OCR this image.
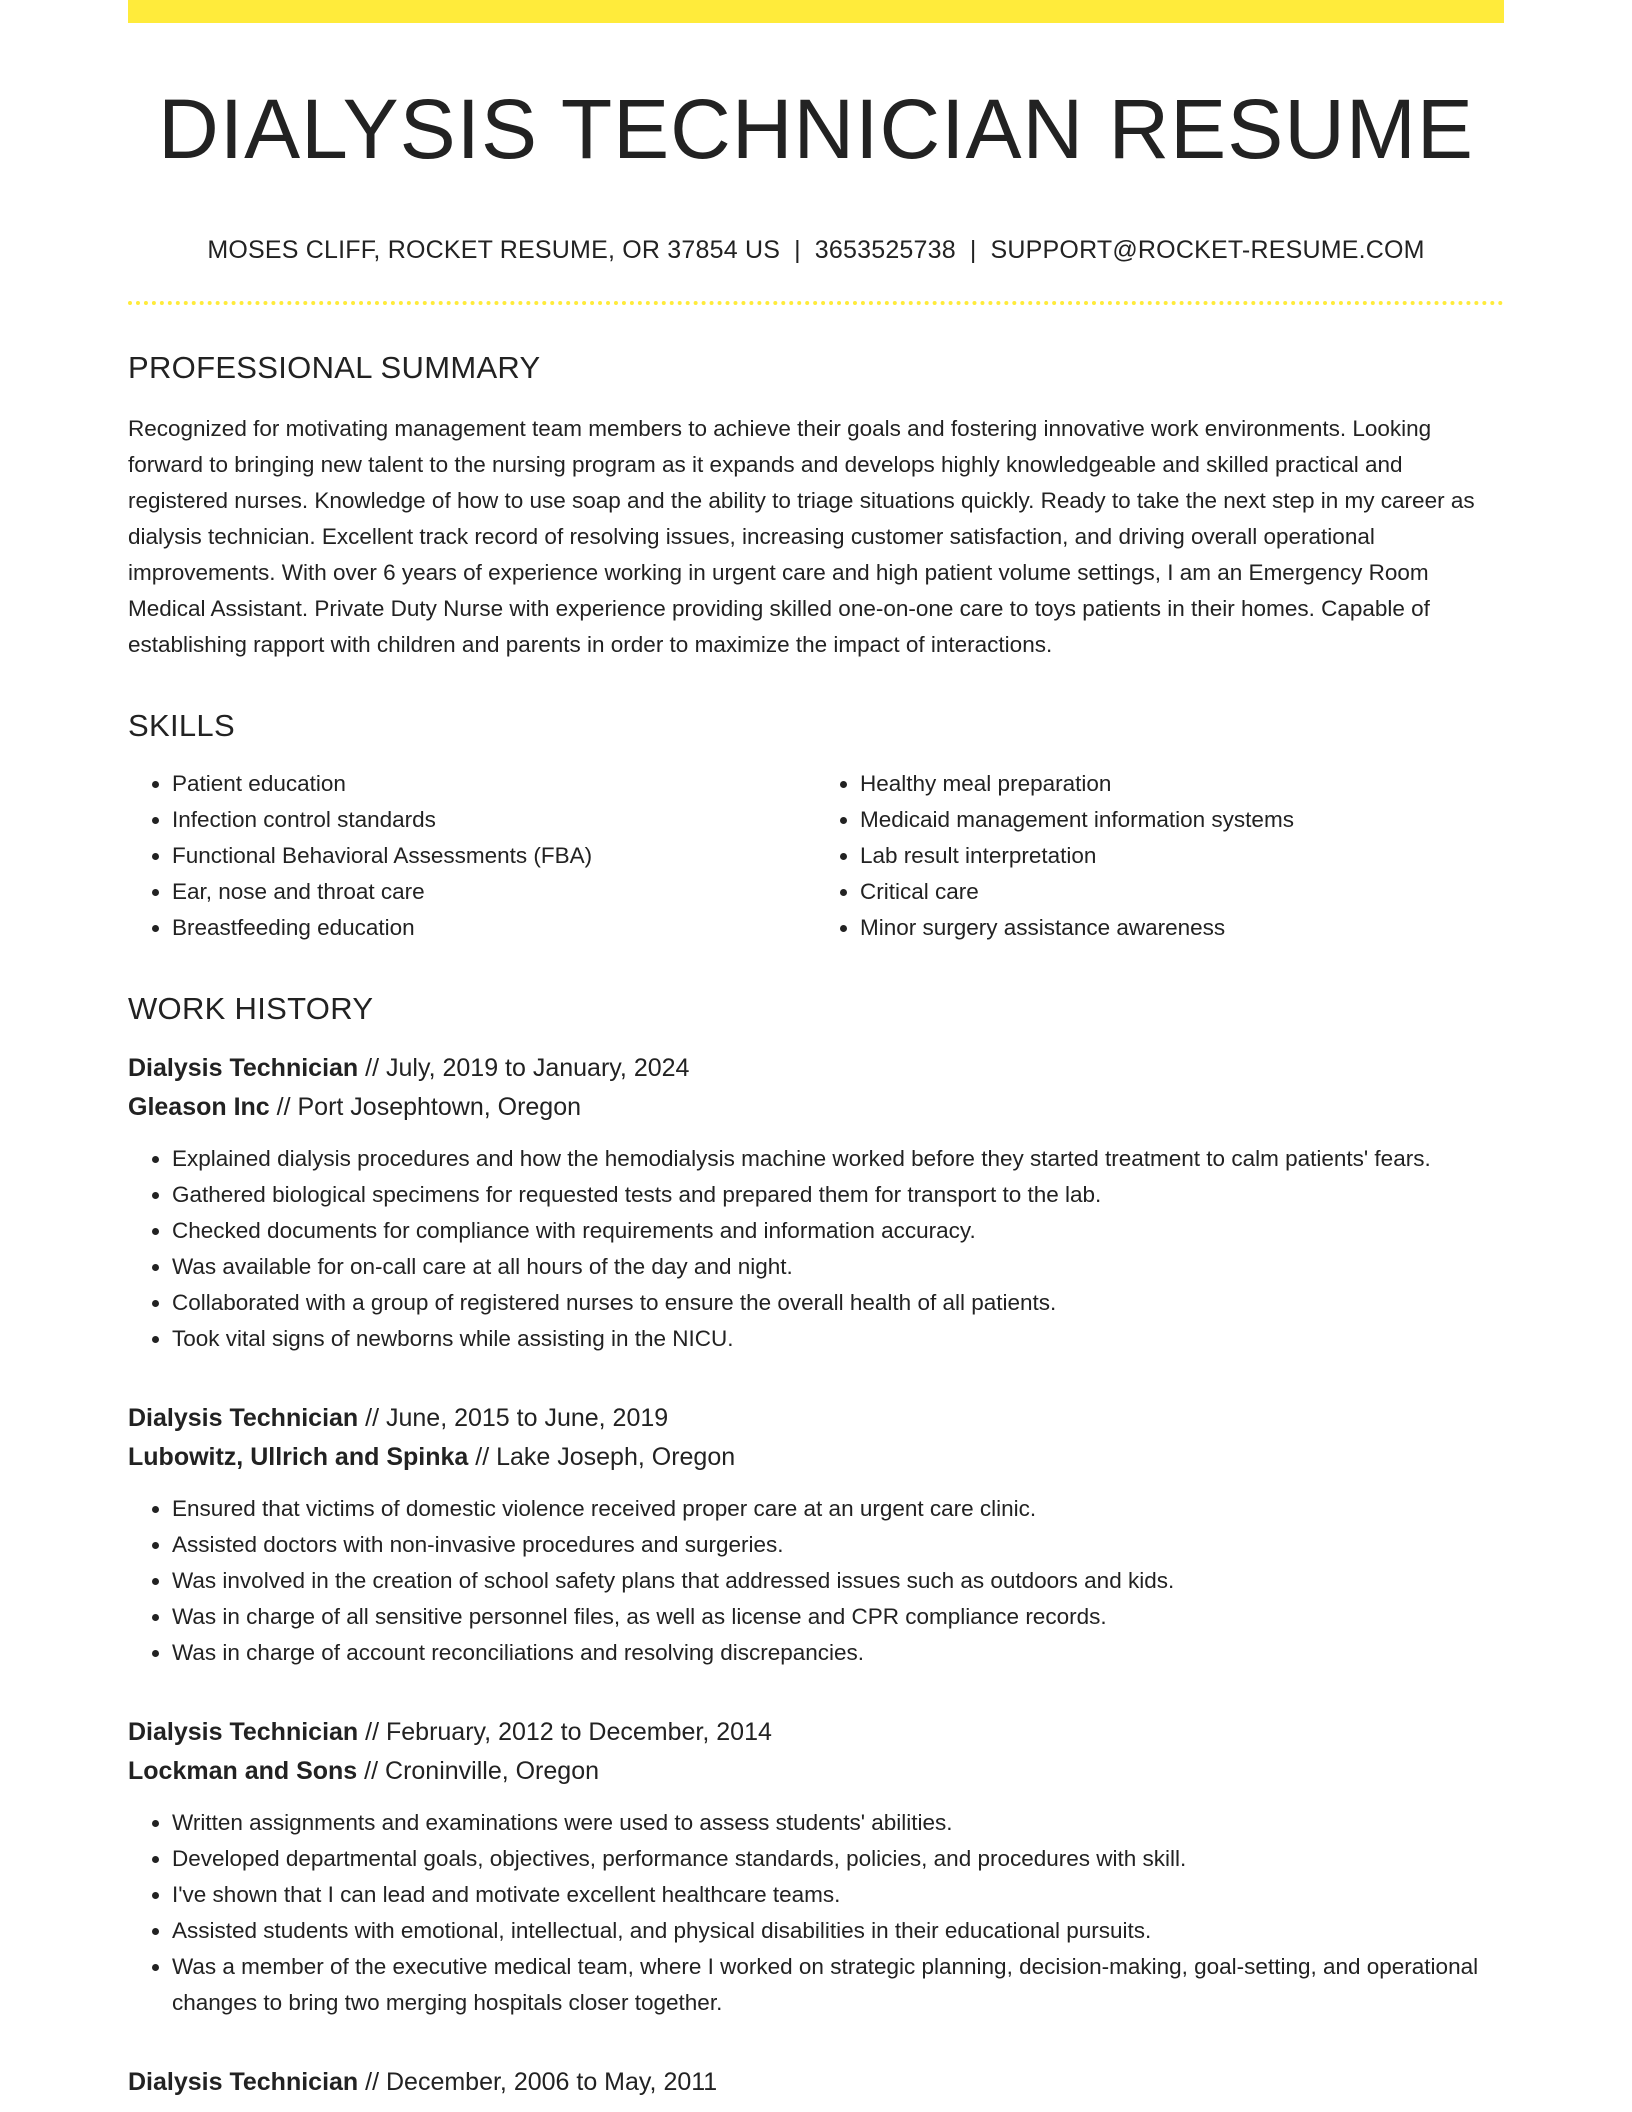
DIALYSIS TECHNICIAN RESUME
MOSES CLIFF, ROCKET RESUME, OR 37854 US | 3653525738 | SUPPORT@ROCKET-RESUME.COM
PROFESSIONAL SUMMARY

Recognized for motivating management team members to achieve their goals and fostering innovative work environments. Looking forward to bringing new talent to the nursing program as it expands and develops highly knowledgeable and skilled practical and registered nurses. Knowledge of how to use soap and the ability to triage situations quickly. Ready to take the next step in my career as dialysis technician. Excellent track record of resolving issues, increasing customer satisfaction, and driving overall operational improvements. With over 6 years of experience working in urgent care and high patient volume settings, I am an Emergency Room Medical Assistant. Private Duty Nurse with experience providing skilled one-on-one care to toys patients in their homes. Capable of establishing rapport with children and parents in order to maximize the impact of interactions.

SKILLS
• Patient education
• Infection control standards
• Functional Behavioral Assessments (FBA)
• Ear, nose and throat care
• Breastfeeding education
• Healthy meal preparation
• Medicaid management information systems
• Lab result interpretation
• Critical care
• Minor surgery assistance awareness
WORK HISTORY
Dialysis Technician // July, 2019 to January, 2024
Gleason Inc // Port Josephtown, Oregon
• Explained dialysis procedures and how the hemodialysis machine worked before they started treatment to calm patients' fears.
• Gathered biological specimens for requested tests and prepared them for transport to the lab.
• Checked documents for compliance with requirements and information accuracy.
• Was available for on-call care at all hours of the day and night.
• Collaborated with a group of registered nurses to ensure the overall health of all patients.
• Took vital signs of newborns while assisting in the NICU.
Dialysis Technician // June, 2015 to June, 2019
Lubowitz, Ullrich and Spinka // Lake Joseph, Oregon
• Ensured that victims of domestic violence received proper care at an urgent care clinic.
• Assisted doctors with non-invasive procedures and surgeries.
• Was involved in the creation of school safety plans that addressed issues such as outdoors and kids.
• Was in charge of all sensitive personnel files, as well as license and CPR compliance records.
• Was in charge of account reconciliations and resolving discrepancies.
Dialysis Technician // February, 2012 to December, 2014
Lockman and Sons // Croninville, Oregon
• Written assignments and examinations were used to assess students' abilities.
• Developed departmental goals, objectives, performance standards, policies, and procedures with skill.
• I've shown that I can lead and motivate excellent healthcare teams.
• Assisted students with emotional, intellectual, and physical disabilities in their educational pursuits.
• Was a member of the executive medical team, where I worked on strategic planning, decision-making, goal-setting, and operational changes to bring two merging hospitals closer together.
Dialysis Technician // December, 2006 to May, 2011
